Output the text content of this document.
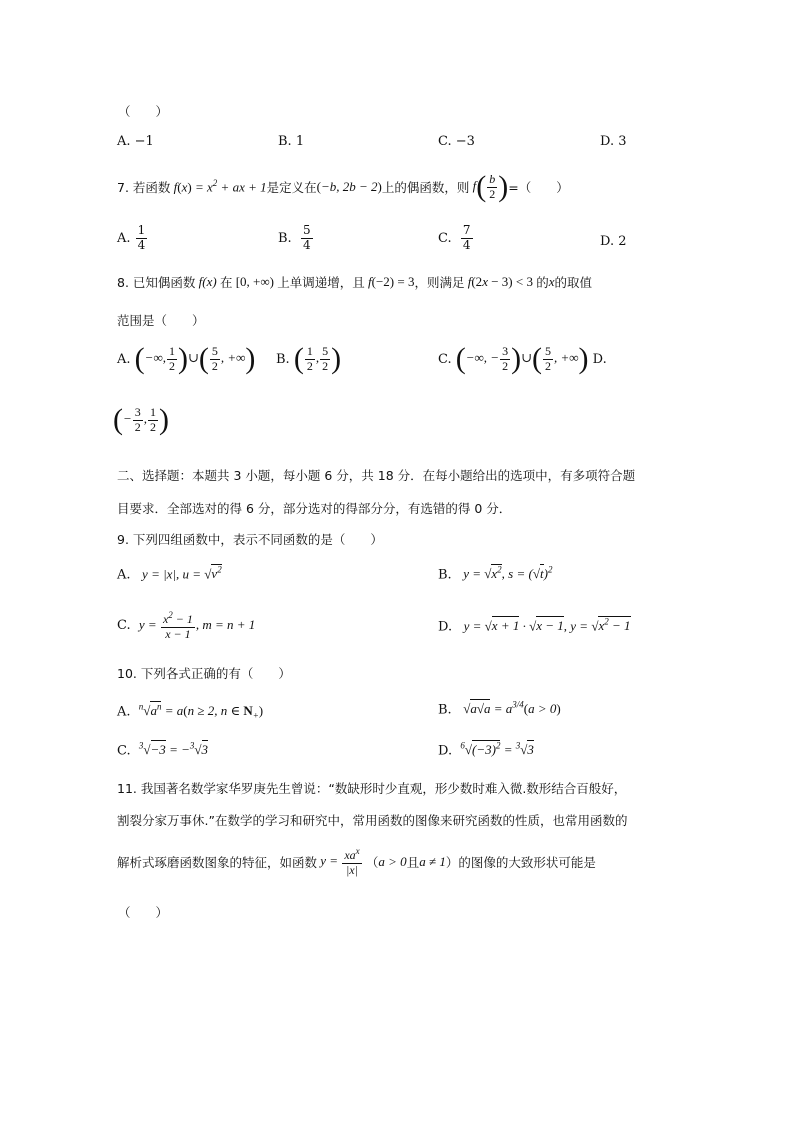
（　　）
A. −1	B. 1	C. −3	D. 3
7. 若函数 $f(x) = x^2$ + ax + 1 是定义在 (−b, 2b − 2) 上的偶函数，则 $f( \frac{b}{2}$ ) =（　　）
A.
$\frac{1}{4}$	B.
$\frac{5}{4}$	C.
$\frac{7}{4}$	D. 2
8. 已知偶函数 f(x) 在 [0, +∞) 上单调递增，且 f(−2) = 3 ，则满足 f(2x − 3) < 3 的 x 的取值
范围是（　　）
A.
(−∞, $\frac{1}{2}$ )∪( $\frac{5}{2}$ , +∞) B.
( $\frac{1}{2}$ , $\frac{5}{2}$ )	C.
(−∞, − $\frac{3}{2}$ )∪( $\frac{5}{2}$ , +∞)
D.
(− $\frac{3}{2}$ , $\frac{1}{2}$ )
二、选择题：本题共 3 小题，每小题 6 分，共 18 分．在每小题给出的选项中，有多项符合题
目要求．全部选对的得 6 分，部分选对的得部分分，有选错的得 0 分．
9. 下列四组函数中，表示不同函数的是（　　）
A.   y = |x|, $u = √v^2$	B.   $y = √x^2$, $s = (√t)^2$
C.
$y = \frac{x^2 - 1}{x - 1}$ , m = n + 1	D.   y = √x + 1 · √x − 1, $y = √x^2 - 1$
10. 下列各式正确的有（　　）
A. $^n√a^n = a(n \ge 2$, n ∈ $N_+$)	B. $√a√a = a^{3/4}(a > 0)$
C. $^3$√−3 = −$^3$√3	D. $^6√(-3)^2 = ^3√3$
11. 我国著名数学家华罗庚先生曾说：“数缺形时少直观，形少数时难入微.数形结合百般好，
割裂分家万事休.”在数学的学习和研究中，常用函数的图像来研究函数的性质，也常用函数的
解析式琢磨函数图象的特征，如函数 $y = \frac{xa^x}{|x|}$
（ a > 0 且 a ≠ 1 ）的图像的大致形状可能是
（　　）
